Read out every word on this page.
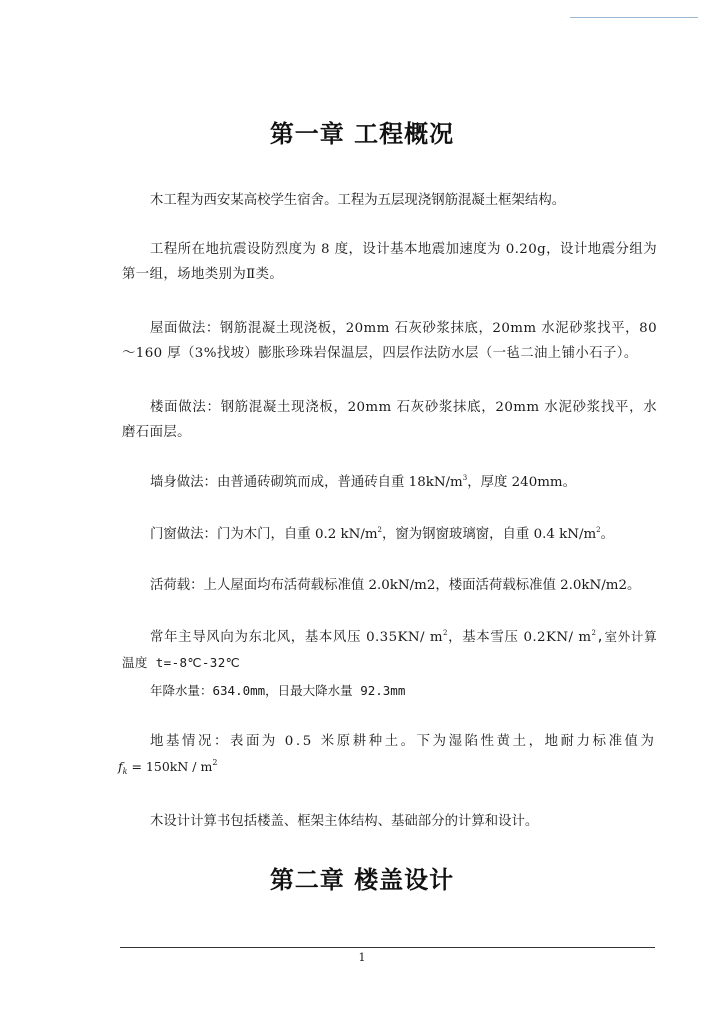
第一章 工程概况
木工程为西安某高校学生宿舍。工程为五层现浇钢筋混凝土框架结构。
工程所在地抗震设防烈度为 8 度，设计基本地震加速度为 0.20g，设计地震分组为第一组，场地类别为Ⅱ类。
屋面做法：钢筋混凝土现浇板，20mm 石灰砂浆抹底，20mm 水泥砂浆找平，80～160 厚（3%找坡）膨胀珍珠岩保温层，四层作法防水层（一毡二油上铺小石子）。
楼面做法：钢筋混凝土现浇板，20mm 石灰砂浆抹底，20mm 水泥砂浆找平，水磨石面层。
墙身做法：由普通砖砌筑而成，普通砖自重 $18kN/m^3$，厚度 240mm。
门窗做法：门为木门，自重 0.2 $kN/m^2$，窗为钢窗玻璃窗，自重 0.4 $kN/m^2$。
活荷载：上人屋面均布活荷载标准值 2.0kN/m2，楼面活荷载标准值 2.0kN/m2。
常年主导风向为东北风，基本风压 0.35KN/ $m^2$，基本雪压 0.2KN/ $m^2$,室外计算温度 t=-8℃-32℃
年降水量：634.0mm，日最大降水量 92.3mm
地基情况：表面为 0.5 米原耕种土。下为湿陷性黄土，地耐力标准值为
$f_k = 150kN / m^2$
木设计计算书包括楼盖、框架主体结构、基础部分的计算和设计。
第二章 楼盖设计
1
